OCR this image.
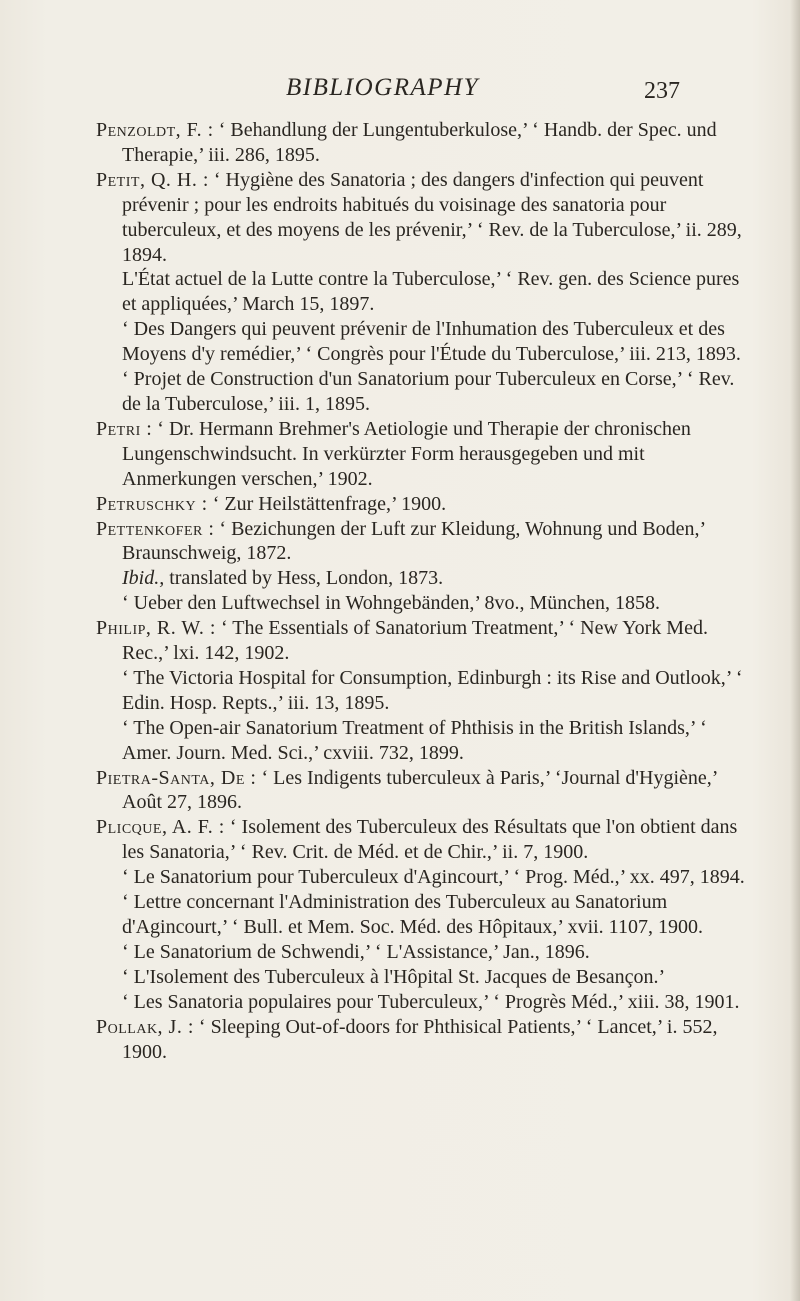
BIBLIOGRAPHY	237

Penzoldt, F. : ‘ Behandlung der Lungentuberkulose,’ ‘ Handb. der Spec. und Therapie,’ iii. 286, 1895.

Petit, Q. H. : ‘ Hygiène des Sanatoria ; des dangers d'infection qui peuvent prévenir ; pour les endroits habitués du voisinage des sanatoria pour tuberculeux, et des moyens de les prévenir,’ ‘ Rev. de la Tuberculose,’ ii. 289, 1894.

L'État actuel de la Lutte contre la Tuberculose,’ ‘ Rev. gen. des Science pures et appliquées,’ March 15, 1897.

‘ Des Dangers qui peuvent prévenir de l'Inhumation des Tuberculeux et des Moyens d'y remédier,’ ‘ Congrès pour l'Étude du Tuberculose,’ iii. 213, 1893.

‘ Projet de Construction d'un Sanatorium pour Tuberculeux en Corse,’ ‘ Rev. de la Tuberculose,’ iii. 1, 1895.

Petri : ‘ Dr. Hermann Brehmer's Aetiologie und Therapie der chronischen Lungenschwindsucht. In verkürzter Form herausgegeben und mit Anmerkungen verschen,’ 1902.

Petruschky : ‘ Zur Heilstättenfrage,’ 1900.

Pettenkofer : ‘ Bezichungen der Luft zur Kleidung, Wohnung und Boden,’ Braunschweig, 1872.

Ibid., translated by Hess, London, 1873.

‘ Ueber den Luftwechsel in Wohngebänden,’ 8vo., München, 1858.

Philip, R. W. : ‘ The Essentials of Sanatorium Treatment,’ ‘ New York Med. Rec.,’ lxi. 142, 1902.

‘ The Victoria Hospital for Consumption, Edinburgh : its Rise and Outlook,’ ‘ Edin. Hosp. Repts.,’ iii. 13, 1895.

‘ The Open-air Sanatorium Treatment of Phthisis in the British Islands,’ ‘ Amer. Journ. Med. Sci.,’ cxviii. 732, 1899.

Pietra-Santa, De : ‘ Les Indigents tuberculeux à Paris,’ ‘Journal d'Hygiène,’ Août 27, 1896.

Plicque, A. F. : ‘ Isolement des Tuberculeux des Résultats que l'on obtient dans les Sanatoria,’ ‘ Rev. Crit. de Méd. et de Chir.,’ ii. 7, 1900.

‘ Le Sanatorium pour Tuberculeux d'Agincourt,’ ‘ Prog. Méd.,’ xx. 497, 1894.

‘ Lettre concernant l'Administration des Tuberculeux au Sanatorium d'Agincourt,’ ‘ Bull. et Mem. Soc. Méd. des Hôpitaux,’ xvii. 1107, 1900.

‘ Le Sanatorium de Schwendi,’ ‘ L'Assistance,’ Jan., 1896.

‘ L'Isolement des Tuberculeux à l'Hôpital St. Jacques de Besançon.’

‘ Les Sanatoria populaires pour Tuberculeux,’ ‘ Progrès Méd.,’ xiii. 38, 1901.

Pollak, J. : ‘ Sleeping Out-of-doors for Phthisical Patients,’ ‘ Lancet,’ i. 552, 1900.
